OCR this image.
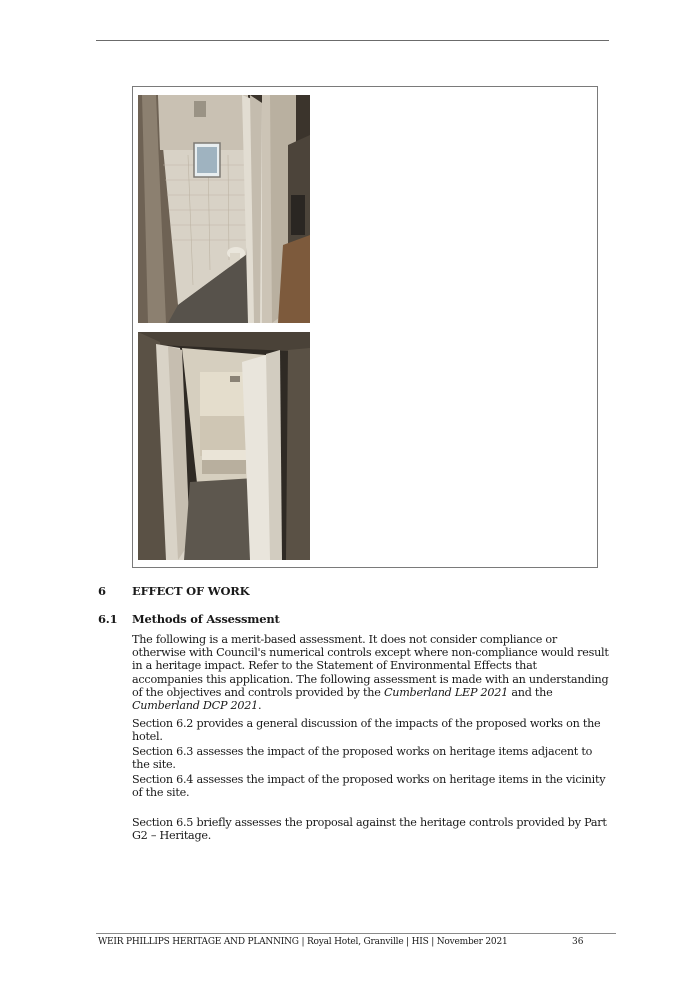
6 EFFECT OF WORK
6.1 Methods of Assessment

The following is a merit-based assessment. It does not consider compliance or otherwise with Council's numerical controls except where non-compliance would result in a heritage impact. Refer to the Statement of Environmental Effects that accompanies this application. The following assessment is made with an understanding of the objectives and controls provided by the Cumberland LEP 2021 and the Cumberland DCP 2021.

Section 6.2 provides a general discussion of the impacts of the proposed works on the hotel.

Section 6.3 assesses the impact of the proposed works on heritage items adjacent to the site.

Section 6.4 assesses the impact of the proposed works on heritage items in the vicinity of the site.

Section 6.5 briefly assesses the proposal against the heritage controls provided by Part G2 – Heritage.

WEIR PHILLIPS HERITAGE AND PLANNING | Royal Hotel, Granville | HIS | November 2021	36
